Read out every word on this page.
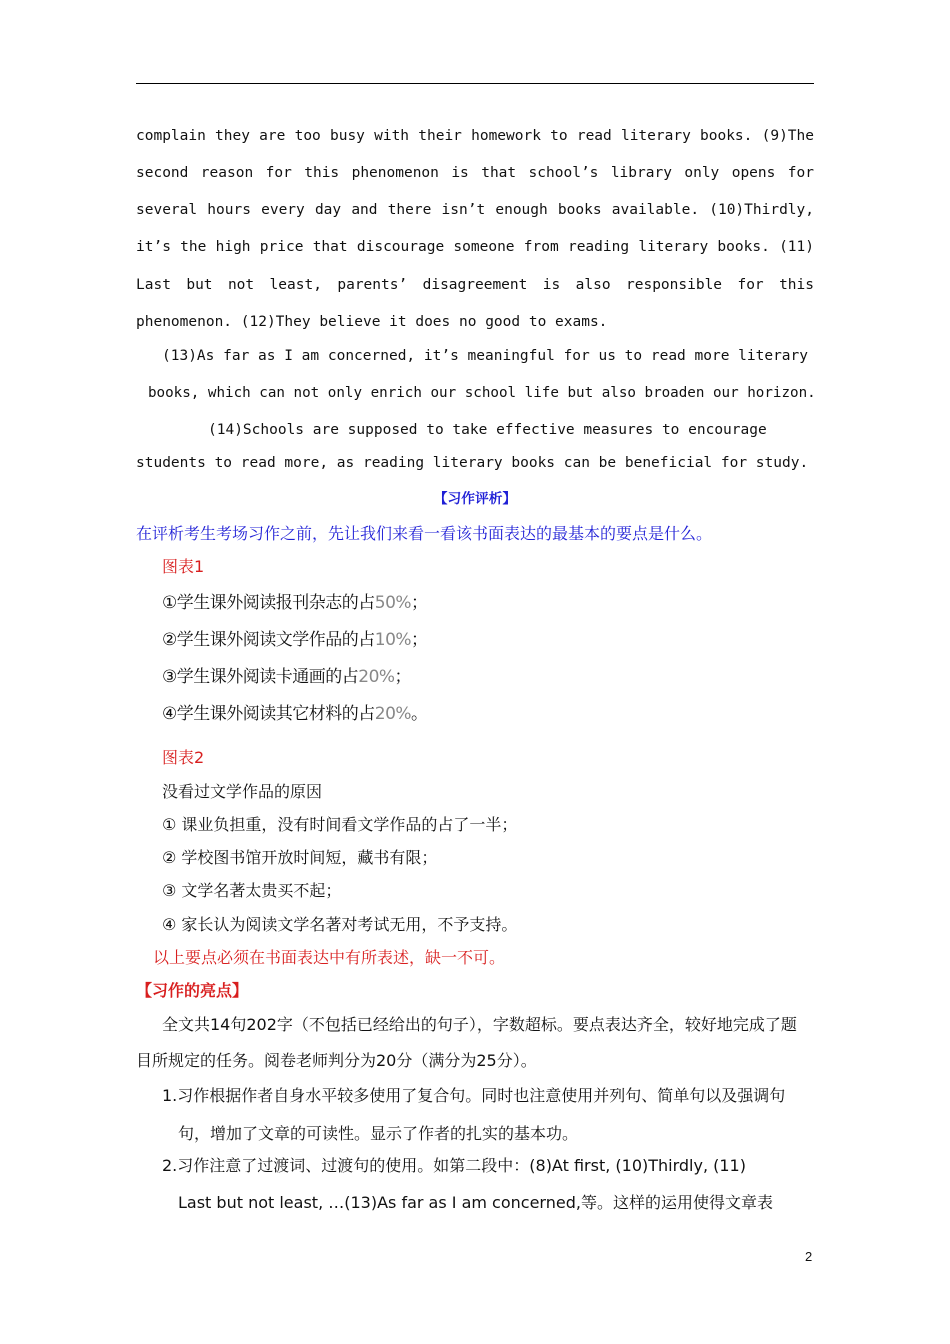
complain they are too busy with their homework to read literary books. (9)The
second reason for this phenomenon is that school’s library only opens for
several hours every day and there isn’t enough books available. (10)Thirdly,
it’s the high price that discourage someone from reading literary books. (11)
Last but not least, parents’ disagreement is also responsible for this
phenomenon. (12)They believe it does no good to exams.
(13)As far as I am concerned, it’s meaningful for us to read more literary
books, which can not only enrich our school life but also broaden our horizon.
(14)Schools are supposed to take effective measures to encourage
students to read more, as reading literary books can be beneficial for study.
【习作评析】
在评析考生考场习作之前，先让我们来看一看该书面表达的最基本的要点是什么。
图表1
①学生课外阅读报刊杂志的占50%；
②学生课外阅读文学作品的占10%；
③学生课外阅读卡通画的占20%；
④学生课外阅读其它材料的占20%。
图表2
没看过文学作品的原因
① 课业负担重，没有时间看文学作品的占了一半；
② 学校图书馆开放时间短，藏书有限；
③ 文学名著太贵买不起；
④ 家长认为阅读文学名著对考试无用，不予支持。
以上要点必须在书面表达中有所表述，缺一不可。
【习作的亮点】
全文共14句202字（不包括已经给出的句子），字数超标。要点表达齐全，较好地完成了题
目所规定的任务。阅卷老师判分为20分（满分为25分）。
1.习作根据作者自身水平较多使用了复合句。同时也注意使用并列句、简单句以及强调句
句，增加了文章的可读性。显示了作者的扎实的基本功。
2.习作注意了过渡词、过渡句的使用。如第二段中：(8)At first, (10)Thirdly, (11)
Last but not least, …(13)As far as I am concerned,等。这样的运用使得文章表
2
